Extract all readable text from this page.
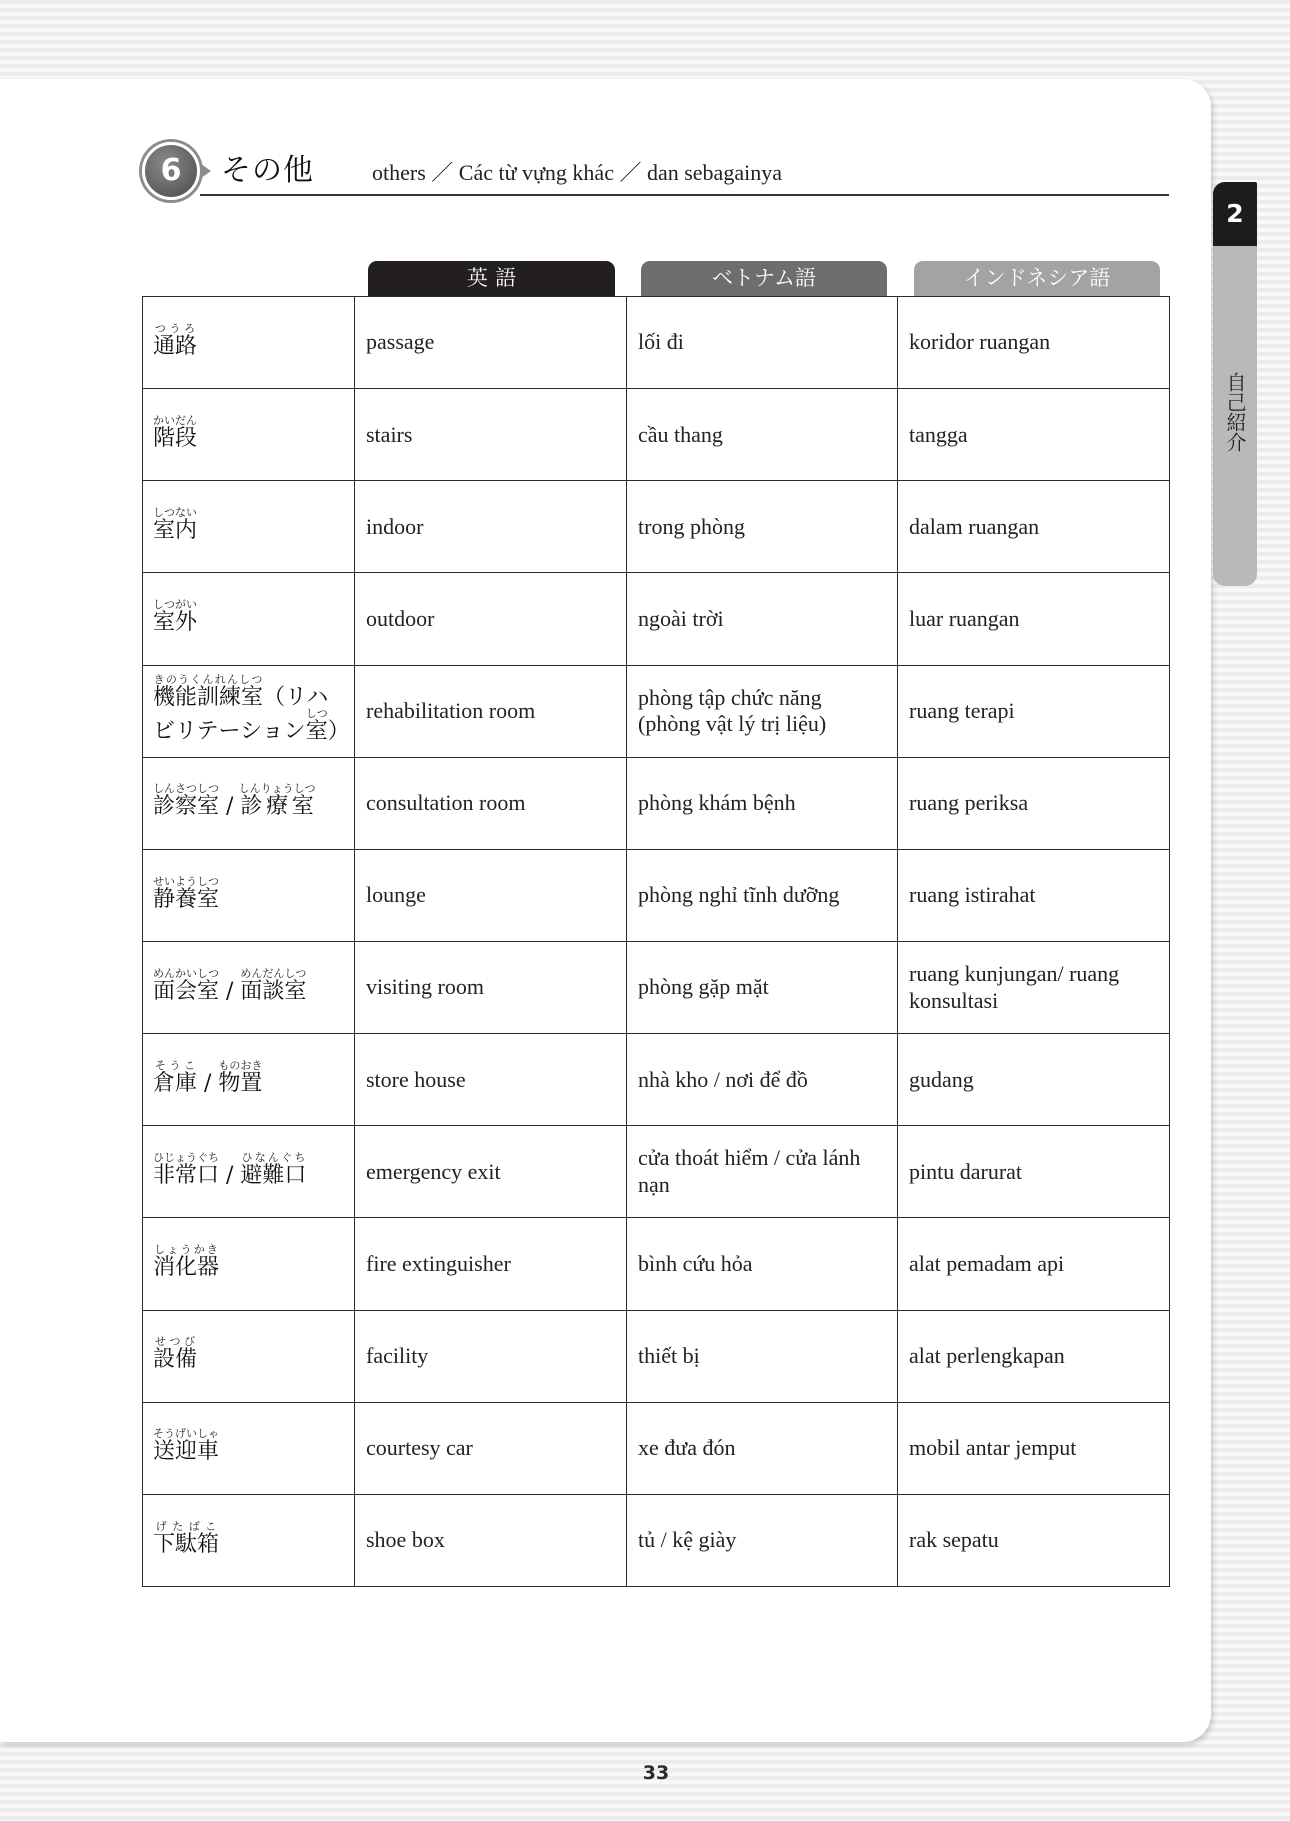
6	その他	others ／ Các từ vựng khác ／ dan sebagainya
英語	ベトナム語	インドネシア語
通路つうろ	passage	lối đi	koridor ruangan
階段かいだん	stairs	cầu thang	tangga
室内しつない	indoor	trong phòng	dalam ruangan
室外しつがい	outdoor	ngoài trời	luar ruangan
機能訓練室きのうくんれんしつ（リハ
ビリテーション室しつ）	rehabilitation room	phòng tập chức năng (phòng vật lý trị liệu)	ruang terapi
診察室しんさつしつ / 診療室しんりょうしつ	consultation room	phòng khám bệnh	ruang periksa
静養室せいようしつ	lounge	phòng nghỉ tĩnh dưỡng	ruang istirahat
面会室めんかいしつ / 面談室めんだんしつ	visiting room	phòng gặp mặt	ruang kunjungan/ ruang konsultasi
倉庫そうこ / 物置ものおき	store house	nhà kho / nơi để đồ	gudang
非常口ひじょうぐち / 避難口ひなんぐち	emergency exit	cửa thoát hiểm / cửa lánh nạn	pintu darurat
消化器しょうかき	fire extinguisher	bình cứu hỏa	alat pemadam api
設備せつび	facility	thiết bị	alat perlengkapan
送迎車そうげいしゃ	courtesy car	xe đưa đón	mobil antar jemput
下駄箱げたばこ	shoe box	tủ / kệ giày	rak sepatu
2
自己紹介
33
